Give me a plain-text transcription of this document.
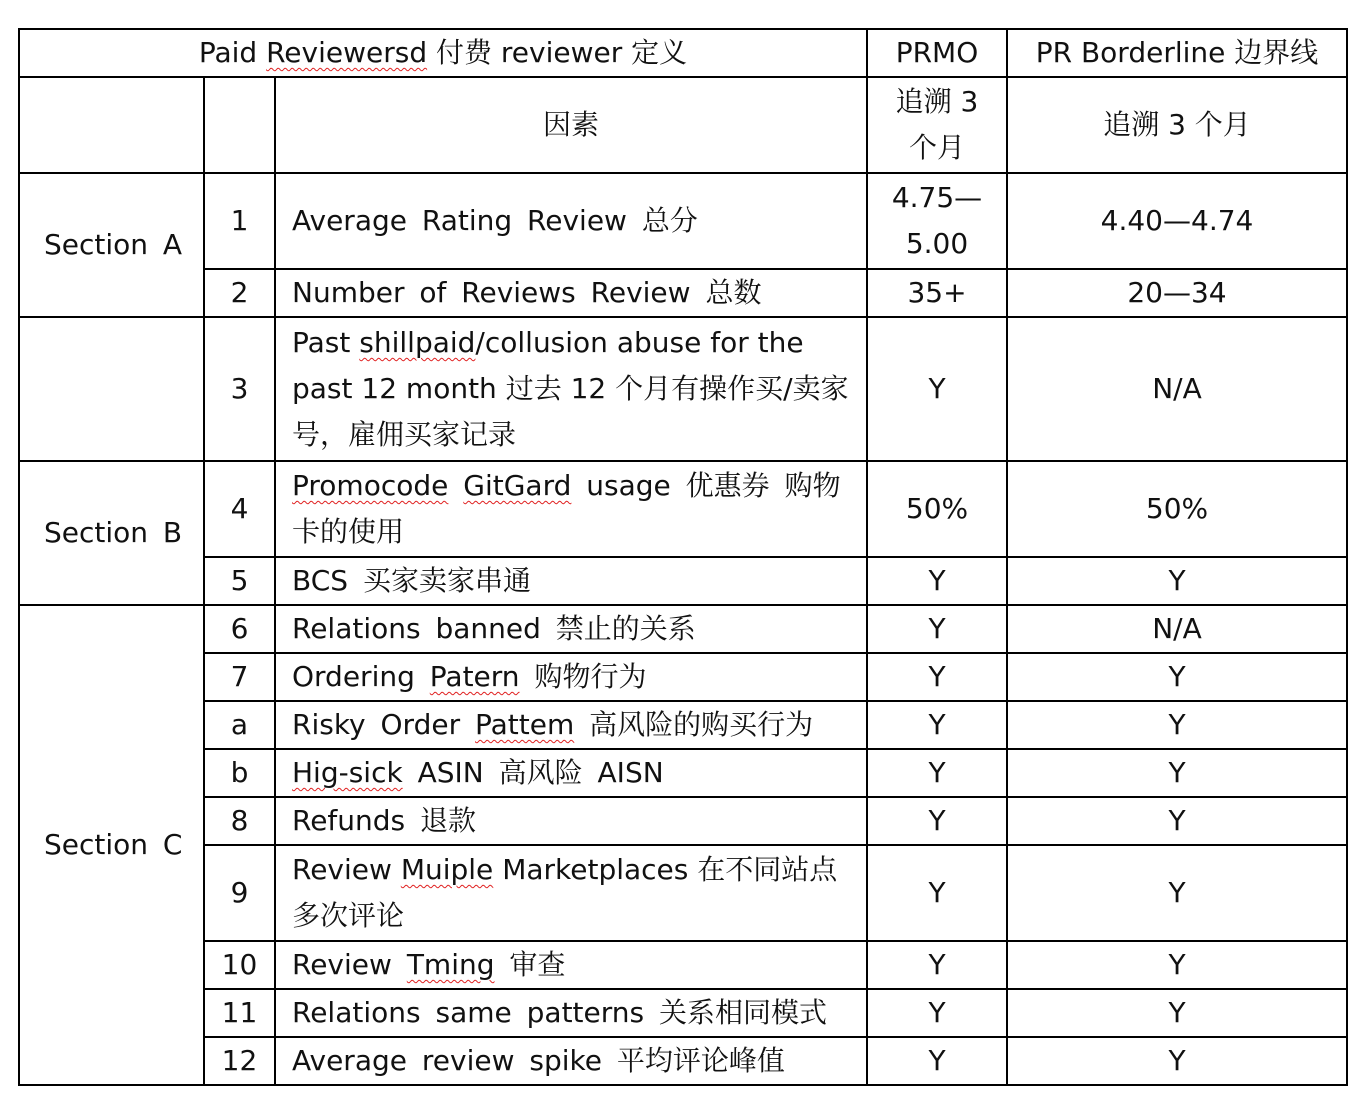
Paid Reviewersd 付费 reviewer 定义			PRMO	PR Borderline 边界线
		因素	追溯 3 个月	追溯 3 个月
Section A	1	Average Rating Review 总分	4.75—5.00	4.40—4.74
	2	Number of Reviews Review 总数	35+	20—34
	3	Past shillpaid/collusion abuse for the past 12 month 过去 12 个月有操作买/卖家号，雇佣买家记录	Y	N/A
Section B	4	Promocode GitGard usage 优惠券 购物卡的使用	50%	50%
	5	BCS 买家卖家串通	Y	Y
Section C	6	Relations banned 禁止的关系	Y	N/A
	7	Ordering Patern 购物行为	Y	Y
	a	Risky Order Pattem 高风险的购买行为	Y	Y
	b	Hig-sick ASIN 高风险 AISN	Y	Y
	8	Refunds 退款	Y	Y
	9	Review Muiple Marketplaces 在不同站点多次评论	Y	Y
	10	Review Tming 审查	Y	Y
	11	Relations same patterns 关系相同模式	Y	Y
	12	Average review spike 平均评论峰值	Y	Y
